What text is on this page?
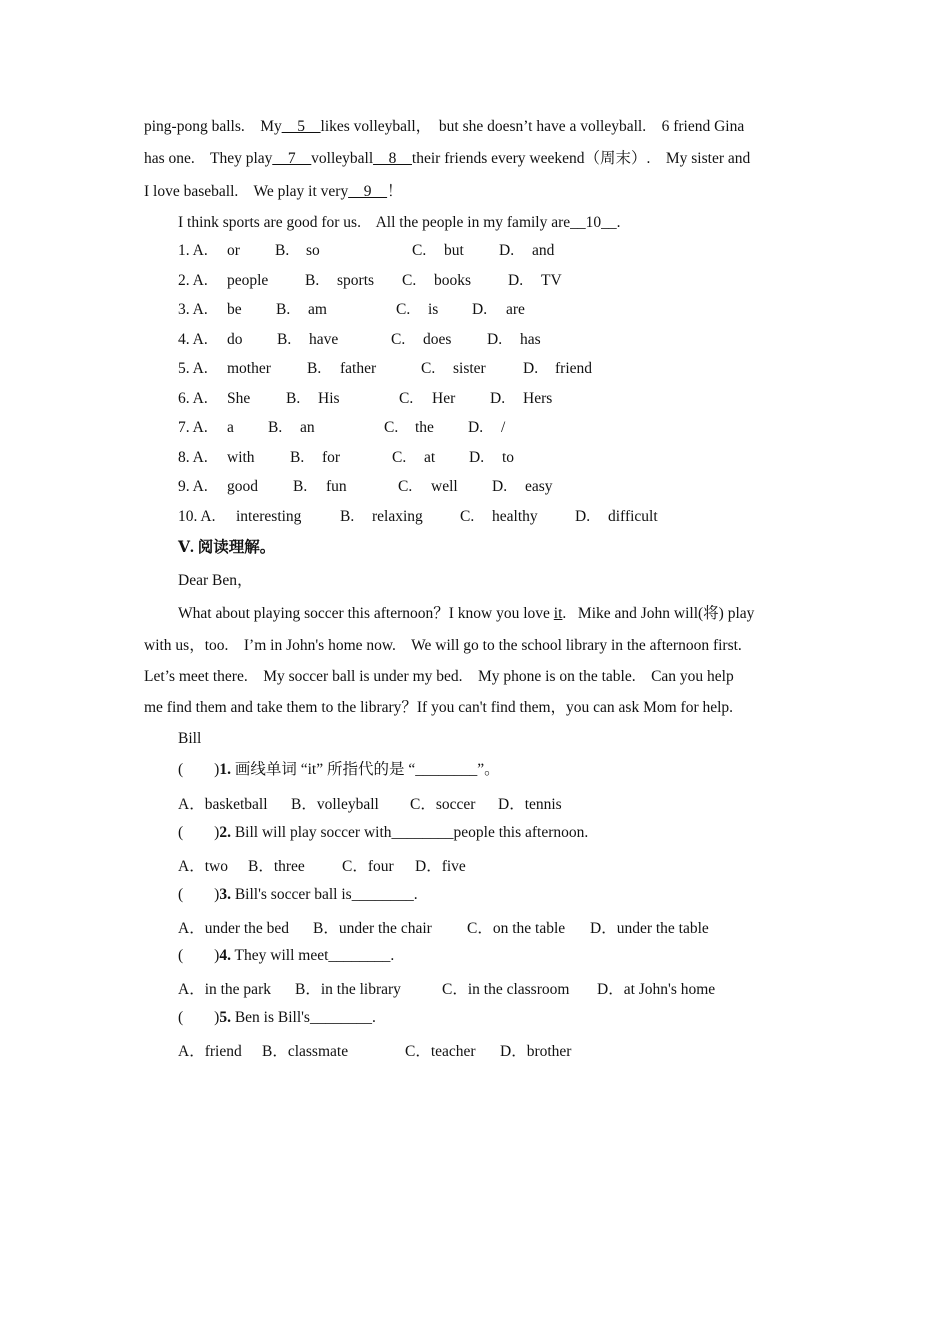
ping-pong balls.    My__5__likes volleyball，  but she doesn’t have a volleyball.    6 friend Gina
has one.    They play__7__volleyball__8__their friends every weekend（周末）.    My sister and
I love baseball.    We play it very__9__！
I think sports are good for us.    All the people in my family are__10__.
1. A. or B. so	C. but D. and
2. A. people B. sports C. books D. TV
3. A. be B. am	C. is D. are
4. A. do B. have	C. does D. has
5. A. mother B. father	C. sister D. friend
6. A. She B. His	C. Her D. Hers
7. A. a B. an	C. the D. /
8. A. with B. for	C. at D. to
9. A. good B. fun	C. well D. easy
10. A. interesting B. relaxing C. healthy D. difficult
Ⅴ. 阅读理解。
Dear Ben，
What about playing soccer this afternoon？I know you love it.   Mike and John will(将) play
with us，too.    I’m in John's home now.    We will go to the school library in the afternoon first.
Let’s meet there.    My soccer ball is under my bed.    My phone is on the table.    Can you help
me find them and take them to the library？If you can't find them，you can ask Mom for help.
Bill
(        )1. 画线单词 “it” 所指代的是 “________”。
A．basketball B．volleyball C．soccer D．tennis
(        )2. Bill will play soccer with________people this afternoon.
A．two B．three C．four D．five
(        )3. Bill's soccer ball is________.
A．under the bed B．under the chair C．on the table D．under the table
(        )4. They will meet________.
A．in the park B．in the library	C．in the classroom D．at John's home
(        )5. Ben is Bill's________.
A．friend B．classmate	C．teacher D．brother
